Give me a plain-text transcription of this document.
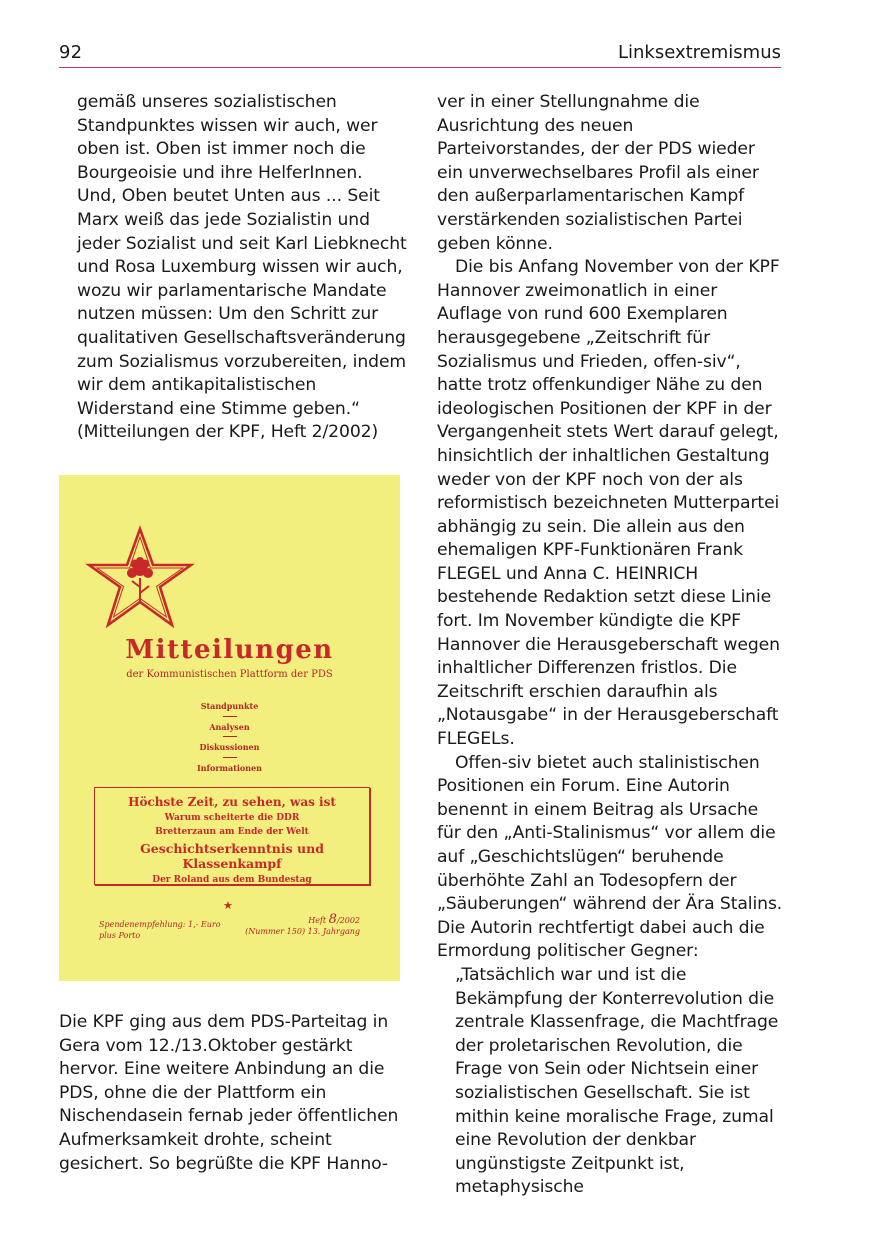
92	Linksextremismus

gemäß unseres sozialistischen Standpunktes wissen wir auch, wer oben ist. Oben ist immer noch die Bourgeoisie und ihre HelferInnen. Und, Oben beutet Unten aus ... Seit Marx weiß das jede Sozialistin und jeder Sozialist und seit Karl Liebknecht und Rosa Luxemburg wissen wir auch, wozu wir parlamentarische Mandate nutzen müssen: Um den Schritt zur qualitativen Gesellschaftsveränderung zum Sozialismus vorzubereiten, indem wir dem antikapitalistischen Widerstand eine Stimme geben.“ (Mitteilungen der KPF, Heft 2/2002)

Mitteilungen
der Kommunistischen Plattform der PDS
Standpunkte
Analysen
Diskussionen
Informationen
Höchste Zeit, zu sehen, was ist
Warum scheiterte die DDR
Bretterzaun am Ende der Welt
Geschichtserkenntnis und Klassenkampf
Der Roland aus dem Bundestag
★
Spendenempfehlung: 1,- Euro
plus Porto
Heft 8/2002
(Nummer 150) 13. Jahrgang

Die KPF ging aus dem PDS-Parteitag in Gera vom 12./13.Oktober gestärkt hervor. Eine weitere Anbindung an die PDS, ohne die der Plattform ein Nischendasein fernab jeder öffentlichen Aufmerksamkeit drohte, scheint gesichert. So begrüßte die KPF Hanno-

ver in einer Stellungnahme die Ausrichtung des neuen Parteivorstandes, der der PDS wieder ein unverwechselbares Profil als einer den außerparlamentarischen Kampf verstärkenden sozialistischen Partei geben könne.

Die bis Anfang November von der KPF Hannover zweimonatlich in einer Auflage von rund 600 Exemplaren herausgegebene „Zeitschrift für Sozialismus und Frieden, offen-siv“, hatte trotz offenkundiger Nähe zu den ideologischen Positionen der KPF in der Vergangenheit stets Wert darauf gelegt, hinsichtlich der inhaltlichen Gestaltung weder von der KPF noch von der als reformistisch bezeichneten Mutterpartei abhängig zu sein. Die allein aus den ehemaligen KPF-Funktionären Frank FLEGEL und Anna C. HEINRICH bestehende Redaktion setzt diese Linie fort. Im November kündigte die KPF Hannover die Herausgeberschaft wegen inhaltlicher Differenzen fristlos. Die Zeitschrift erschien daraufhin als „Notausgabe“ in der Herausgeberschaft FLEGELs.

Offen-siv bietet auch stalinistischen Positionen ein Forum. Eine Autorin benennt in einem Beitrag als Ursache für den „Anti-Stalinismus“ vor allem die auf „Geschichtslügen“ beruhende überhöhte Zahl an Todesopfern der „Säuberungen“ während der Ära Stalins. Die Autorin rechtfertigt dabei auch die Ermordung politischer Gegner:

„Tatsächlich war und ist die Bekämpfung der Konterrevolution die zentrale Klassenfrage, die Machtfrage der proletarischen Revolution, die Frage von Sein oder Nichtsein einer sozialistischen Gesellschaft. Sie ist mithin keine moralische Frage, zumal eine Revolution der denkbar ungünstigste Zeitpunkt ist, metaphysische
